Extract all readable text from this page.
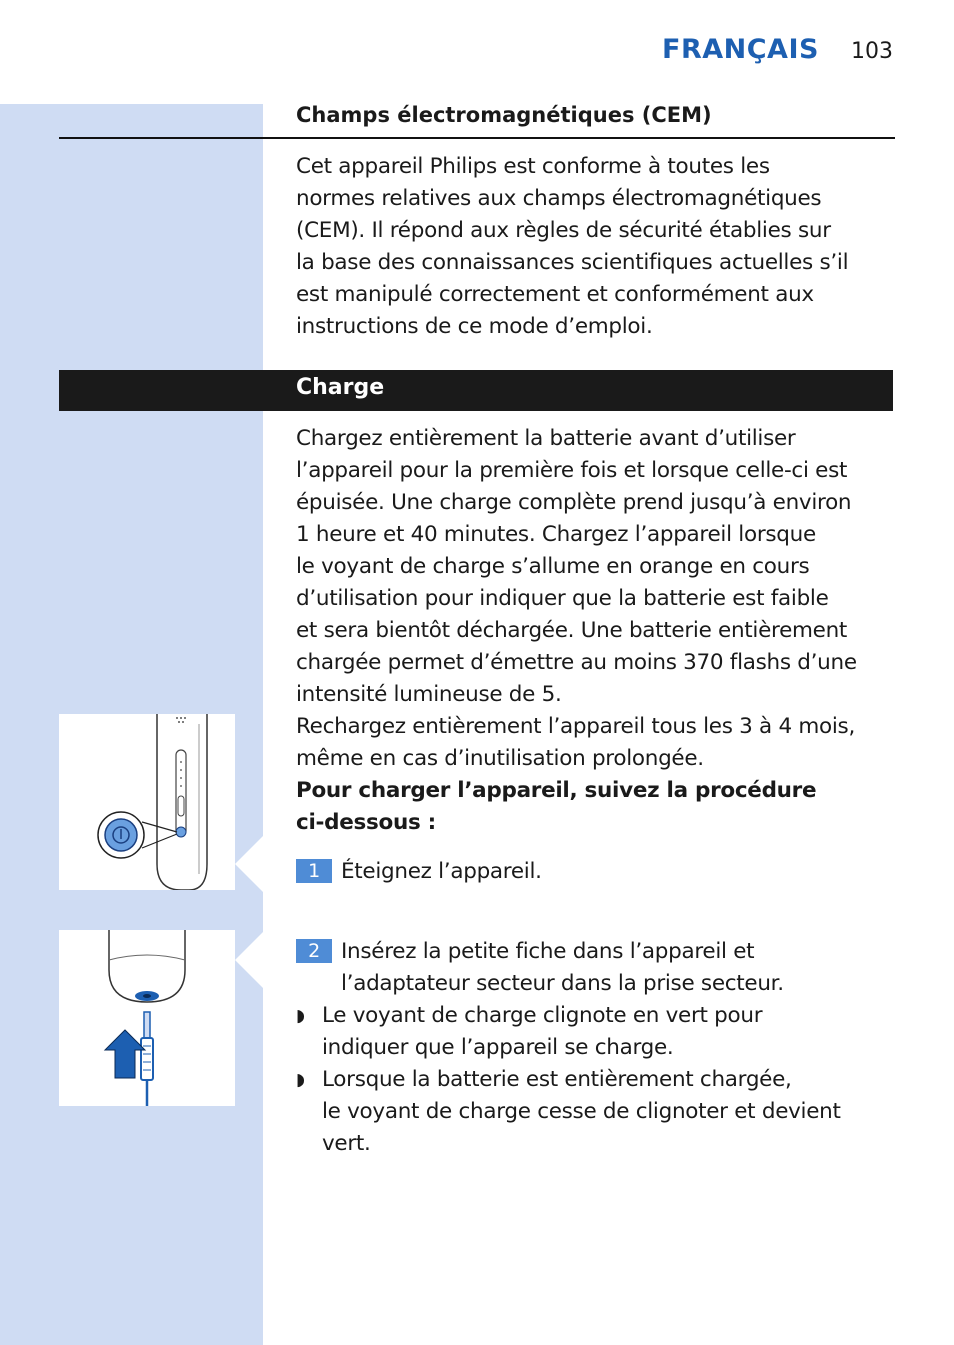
FRANÇAIS 103
Champs électromagnétiques (CEM)
Cet appareil Philips est conforme à toutes les
normes relatives aux champs électromagnétiques
(CEM). Il répond aux règles de sécurité établies sur
la base des connaissances scientifiques actuelles s’il
est manipulé correctement et conformément aux
instructions de ce mode d’emploi.
Charge
Chargez entièrement la batterie avant d’utiliser
l’appareil pour la première fois et lorsque celle-ci est
épuisée. Une charge complète prend jusqu’à environ
1 heure et 40 minutes. Chargez l’appareil lorsque
le voyant de charge s’allume en orange en cours
d’utilisation pour indiquer que la batterie est faible
et sera bientôt déchargée. Une batterie entièrement
chargée permet d’émettre au moins 370 flashs d’une
intensité lumineuse de 5.
Rechargez entièrement l’appareil tous les 3 à 4 mois,
même en cas d’inutilisation prolongée.
Pour charger l’appareil, suivez la procédure
ci-dessous :
1 Éteignez l’appareil.
2 Insérez la petite fiche dans l’appareil et
l’adaptateur secteur dans la prise secteur.
◗ Le voyant de charge clignote en vert pour
indiquer que l’appareil se charge.
◗ Lorsque la batterie est entièrement chargée,
le voyant de charge cesse de clignoter et devient
vert.
